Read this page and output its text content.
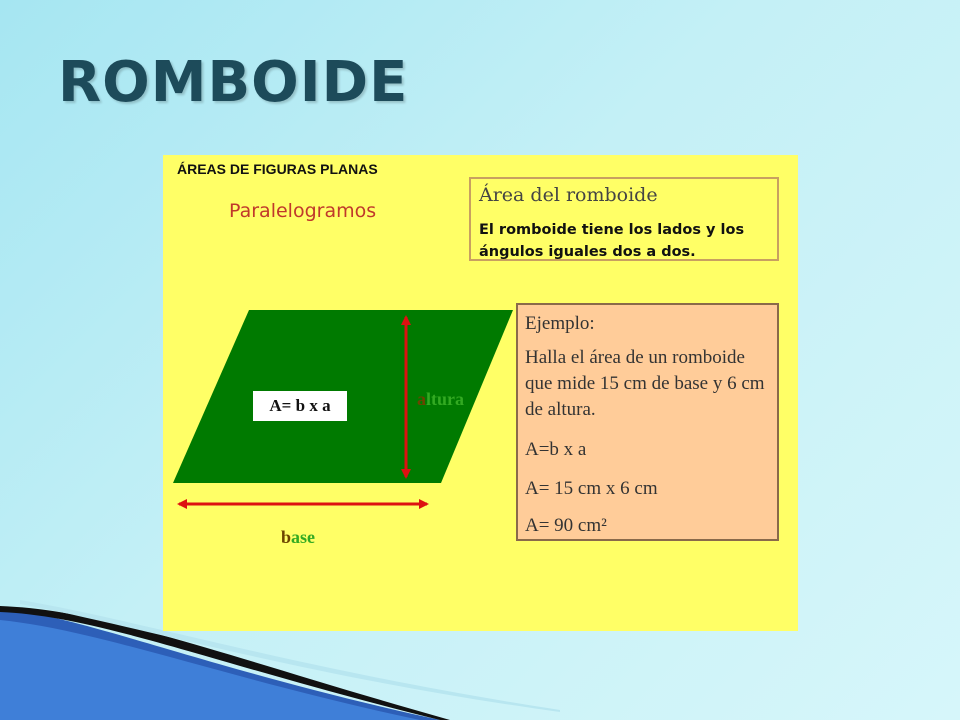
ROMBOIDE
ÁREAS DE FIGURAS PLANAS
Paralelogramos
Área del romboide
El romboide tiene los lados y los ángulos iguales dos a dos.
A= b x a	altura
base
Ejemplo:
Halla el área de un romboide que mide 15 cm de base y 6 cm de altura.
A=b x a
A= 15 cm x 6 cm
A= 90 cm²
